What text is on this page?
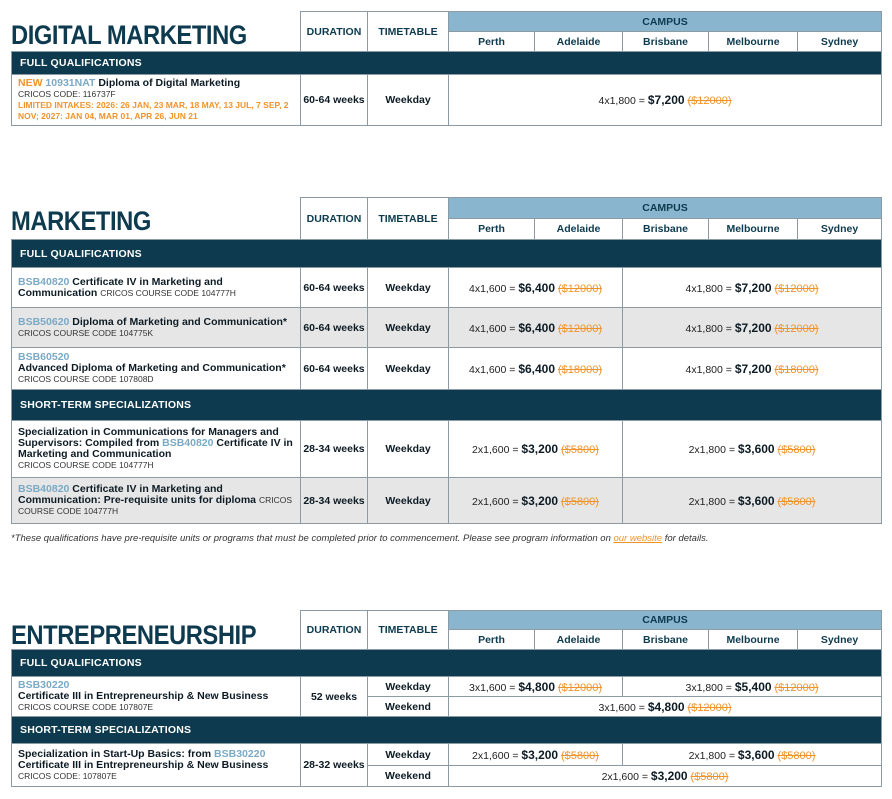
DIGITAL MARKETING
		DURATION	TIMETABLE	CAMPUS				
			Perth	Adelaide	Brisbane	Melbourne	Sydney
FULL QUALIFICATIONS							
NEW 10931NAT Diploma of Digital Marketing
CRICOS CODE: 116737F
LIMITED INTAKES: 2026: 26 JAN, 23 MAR, 18 MAY, 13 JUL, 7 SEP, 2 NOV; 2027: JAN 04, MAR 01, APR 26, JUN 21	60-64 weeks	Weekday	4x1,800 = $7,200 ($12000)				
MARKETING
		DURATION	TIMETABLE	CAMPUS				
			Perth	Adelaide	Brisbane	Melbourne	Sydney
FULL QUALIFICATIONS							
BSB40820 Certificate IV in Marketing and Communication CRICOS COURSE CODE 104777H	60-64 weeks	Weekday	4x1,600 = $6,400 ($12000)		4x1,800 = $7,200 ($12000)		
BSB50620 Diploma of Marketing and Communication*
CRICOS COURSE CODE 104775K	60-64 weeks	Weekday	4x1,600 = $6,400 ($12000)		4x1,800 = $7,200 ($12000)		
BSB60520
Advanced Diploma of Marketing and Communication*
CRICOS COURSE CODE 107808D	60-64 weeks	Weekday	4x1,600 = $6,400 ($18000)		4x1,800 = $7,200 ($18000)		
SHORT-TERM SPECIALIZATIONS							
Specialization in Communications for Managers and Supervisors: Compiled from BSB40820 Certificate IV in Marketing and Communication
CRICOS COURSE CODE 104777H	28-34 weeks	Weekday	2x1,600 = $3,200 ($5800)		2x1,800 = $3,600 ($5800)		
BSB40820 Certificate IV in Marketing and Communication: Pre-requisite units for diploma CRICOS COURSE CODE 104777H	28-34 weeks	Weekday	2x1,600 = $3,200 ($5800)		2x1,800 = $3,600 ($5800)		
*These qualifications have pre-requisite units or programs that must be completed prior to commencement. Please see program information on our website for details.
ENTREPRENEURSHIP
		DURATION	TIMETABLE	CAMPUS				
			Perth	Adelaide	Brisbane	Melbourne	Sydney
FULL QUALIFICATIONS							
BSB30220
Certificate III in Entrepreneurship & New Business
CRICOS COURSE CODE 107807E	52 weeks	Weekday	3x1,600 = $4,800 ($12000)		3x1,800 = $5,400 ($12000)		
		Weekend	3x1,600 = $4,800 ($12000)				
SHORT-TERM SPECIALIZATIONS							
Specialization in Start-Up Basics: from BSB30220 Certificate III in Entrepreneurship & New Business
CRICOS CODE: 107807E	28-32 weeks	Weekday	2x1,600 = $3,200 ($5800)		2x1,800 = $3,600 ($5800)		
		Weekend	2x1,600 = $3,200 ($5800)				
